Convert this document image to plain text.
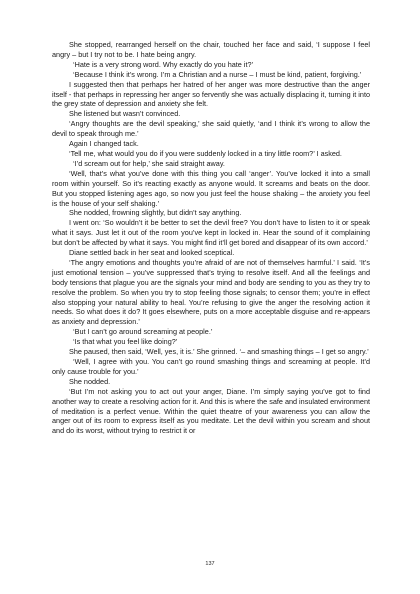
She stopped, rearranged herself on the chair, touched her face and said, ‘I suppose I feel angry – but I try not to be. I hate being angry.

‘Hate is a very strong word. Why exactly do you hate it?’

‘Because I think it’s wrong. I’m a Christian and a nurse – I must be kind, patient, forgiving.’

I suggested then that perhaps her hatred of her anger was more destructive than the anger itself - that perhaps in repressing her anger so fervently she was actually displacing it, turning it into the grey state of depression and anxiety she felt.

She listened but wasn’t convinced.

‘Angry thoughts are the devil speaking,’ she said quietly, ‘and I think it’s wrong to allow the devil to speak through me.’

Again I changed tack.

‘Tell me, what would you do if you were suddenly locked in a tiny little room?’ I asked.

‘I’d scream out for help,’ she said straight away.

‘Well, that’s what you’ve done with this thing you call ‘anger’. You’ve locked it into a small room within yourself. So it’s reacting exactly as anyone would. It screams and beats on the door. But you stopped listening ages ago, so now you just feel the house shaking – the anxiety you feel is the house of your self shaking.’

She nodded, frowning slightly, but didn’t say anything.

I went on: ‘So wouldn’t it be better to set the devil free? You don’t have to listen to it or speak what it says. Just let it out of the room you’ve kept in locked in. Hear the sound of it complaining but don’t be affected by what it says. You might find it’ll get bored and disappear of its own accord.’

Diane settled back in her seat and looked sceptical.

‘The angry emotions and thoughts you’re afraid of are not of themselves harmful.’ I said. ‘It’s just emotional tension – you’ve suppressed that’s trying to resolve itself. And all the feelings and body tensions that plague you are the signals your mind and body are sending to you as they try to resolve the problem. So when you try to stop feeling those signals; to censor them; you’re in effect also stopping your natural ability to heal. You’re refusing to give the anger the resolving action it needs. So what does it do? It goes elsewhere, puts on a more acceptable disguise and re-appears as anxiety and depression.’

‘But I can’t go around screaming at people.’

‘Is that what you feel like doing?’

She paused, then said, ‘Well, yes, it is.’ She grinned. ‘– and smashing things – I get so angry.’

‘Well, I agree with you. You can’t go round smashing things and screaming at people. It’d only cause trouble for you.’

She nodded.

‘But I’m not asking you to act out your anger, Diane. I’m simply saying you’ve got to find another way to create a resolving action for it. And this is where the safe and insulated environment of meditation is a perfect venue. Within the quiet theatre of your awareness you can allow the anger out of its room to express itself as you meditate. Let the devil within you scream and shout and do its worst, without trying to restrict it or

137
